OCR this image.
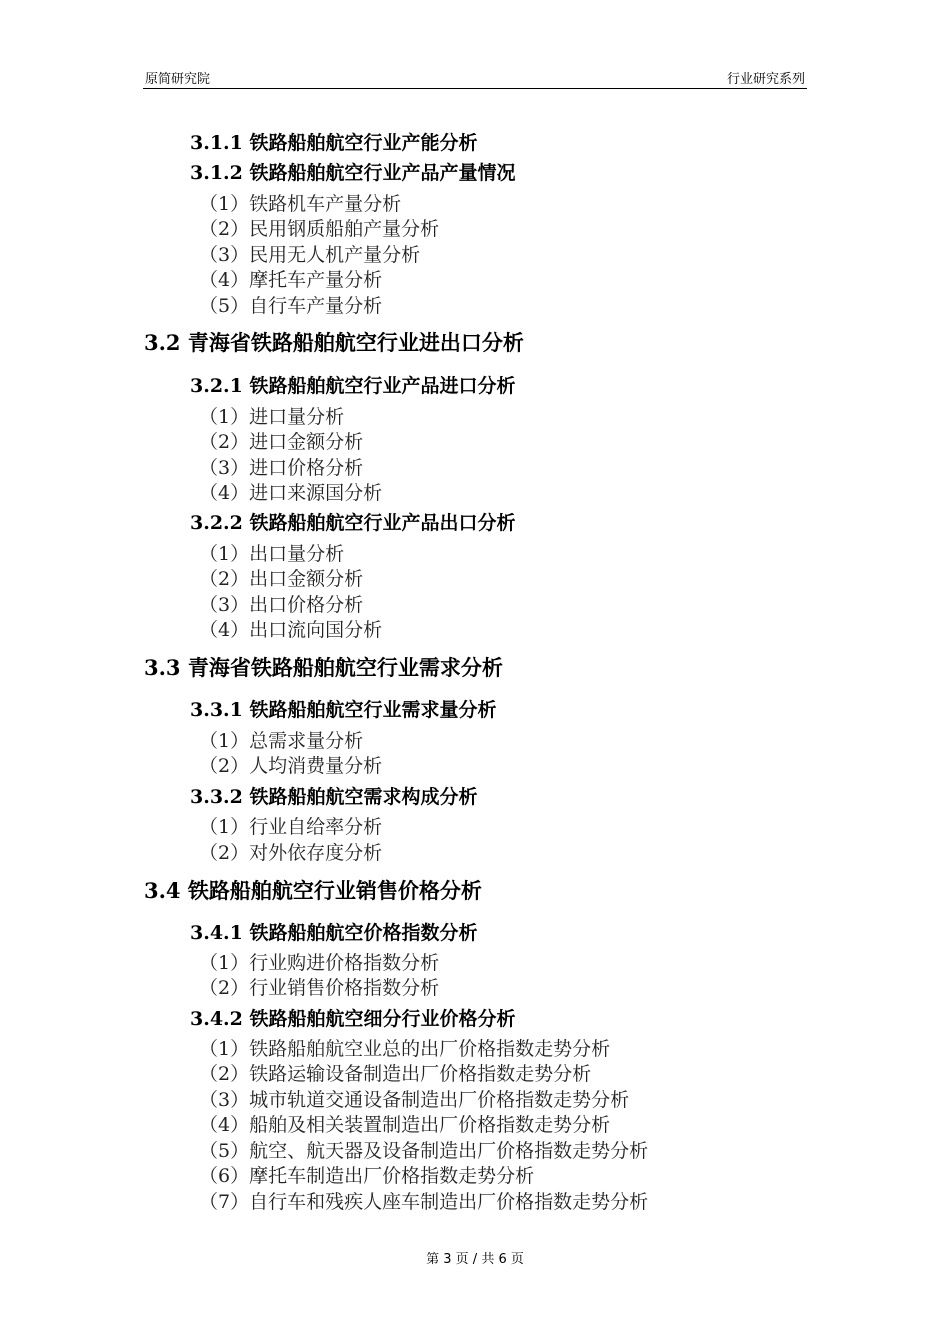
原简研究院	行业研究系列
3.1.1 铁路船舶航空行业产能分析
3.1.2 铁路船舶航空行业产品产量情况
（1）铁路机车产量分析
（2）民用钢质船舶产量分析
（3）民用无人机产量分析
（4）摩托车产量分析
（5）自行车产量分析
3.2 青海省铁路船舶航空行业进出口分析
3.2.1 铁路船舶航空行业产品进口分析
（1）进口量分析
（2）进口金额分析
（3）进口价格分析
（4）进口来源国分析
3.2.2 铁路船舶航空行业产品出口分析
（1）出口量分析
（2）出口金额分析
（3）出口价格分析
（4）出口流向国分析
3.3 青海省铁路船舶航空行业需求分析
3.3.1 铁路船舶航空行业需求量分析
（1）总需求量分析
（2）人均消费量分析
3.3.2 铁路船舶航空需求构成分析
（1）行业自给率分析
（2）对外依存度分析
3.4 铁路船舶航空行业销售价格分析
3.4.1 铁路船舶航空价格指数分析
（1）行业购进价格指数分析
（2）行业销售价格指数分析
3.4.2 铁路船舶航空细分行业价格分析
（1）铁路船舶航空业总的出厂价格指数走势分析
（2）铁路运输设备制造出厂价格指数走势分析
（3）城市轨道交通设备制造出厂价格指数走势分析
（4）船舶及相关装置制造出厂价格指数走势分析
（5）航空、航天器及设备制造出厂价格指数走势分析
（6）摩托车制造出厂价格指数走势分析
（7）自行车和残疾人座车制造出厂价格指数走势分析
第 3 页 / 共 6 页
